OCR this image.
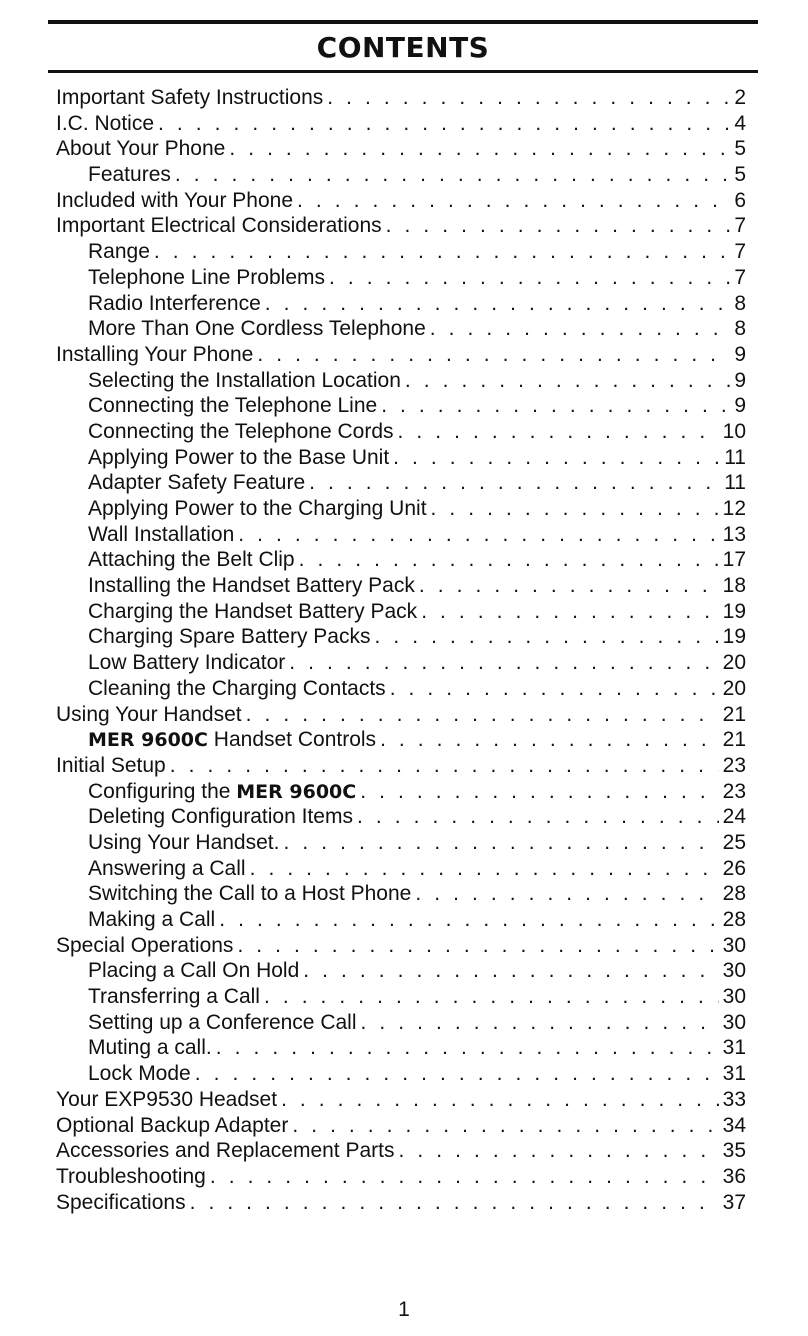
CONTENTS
Important Safety Instructions . . .	2
I.C. Notice . . .	4
About Your Phone . . .	5
Features . . .	5
Included with Your Phone . . .	6
Important Electrical Considerations . . .	7
Range . . .	7
Telephone Line Problems . . .	7
Radio Interference . . .	8
More Than One Cordless Telephone . . .	8
Installing Your Phone . . .	9
Selecting the Installation Location . . .	9
Connecting the Telephone Line . . .	9
Connecting the Telephone Cords . . .	10
Applying Power to the Base Unit . . .	11
Adapter Safety Feature . . .	11
Applying Power to the Charging Unit . . .	12
Wall Installation . . .	13
Attaching the Belt Clip . . .	17
Installing the Handset Battery Pack . . .	18
Charging the Handset Battery Pack . . .	19
Charging Spare Battery Packs . . .	19
Low Battery Indicator . . .	20
Cleaning the Charging Contacts . . .	20
Using Your Handset . . .	21
MER 9600C Handset Controls . . .	21
Initial Setup . . .	23
Configuring the MER 9600C . . .	23
Deleting Configuration Items . . .	24
Using Your Handset. . . .	25
Answering a Call . . .	26
Switching the Call to a Host Phone . . .	28
Making a Call . . .	28
Special Operations . . .	30
Placing a Call On Hold . . .	30
Transferring a Call . . .	30
Setting up a Conference Call . . .	30
Muting a call. . . .	31
Lock Mode . . .	31
Your EXP9530 Headset . . .	33
Optional Backup Adapter . . .	34
Accessories and Replacement Parts . . .	35
Troubleshooting . . .	36
Specifications . . .	37
1
